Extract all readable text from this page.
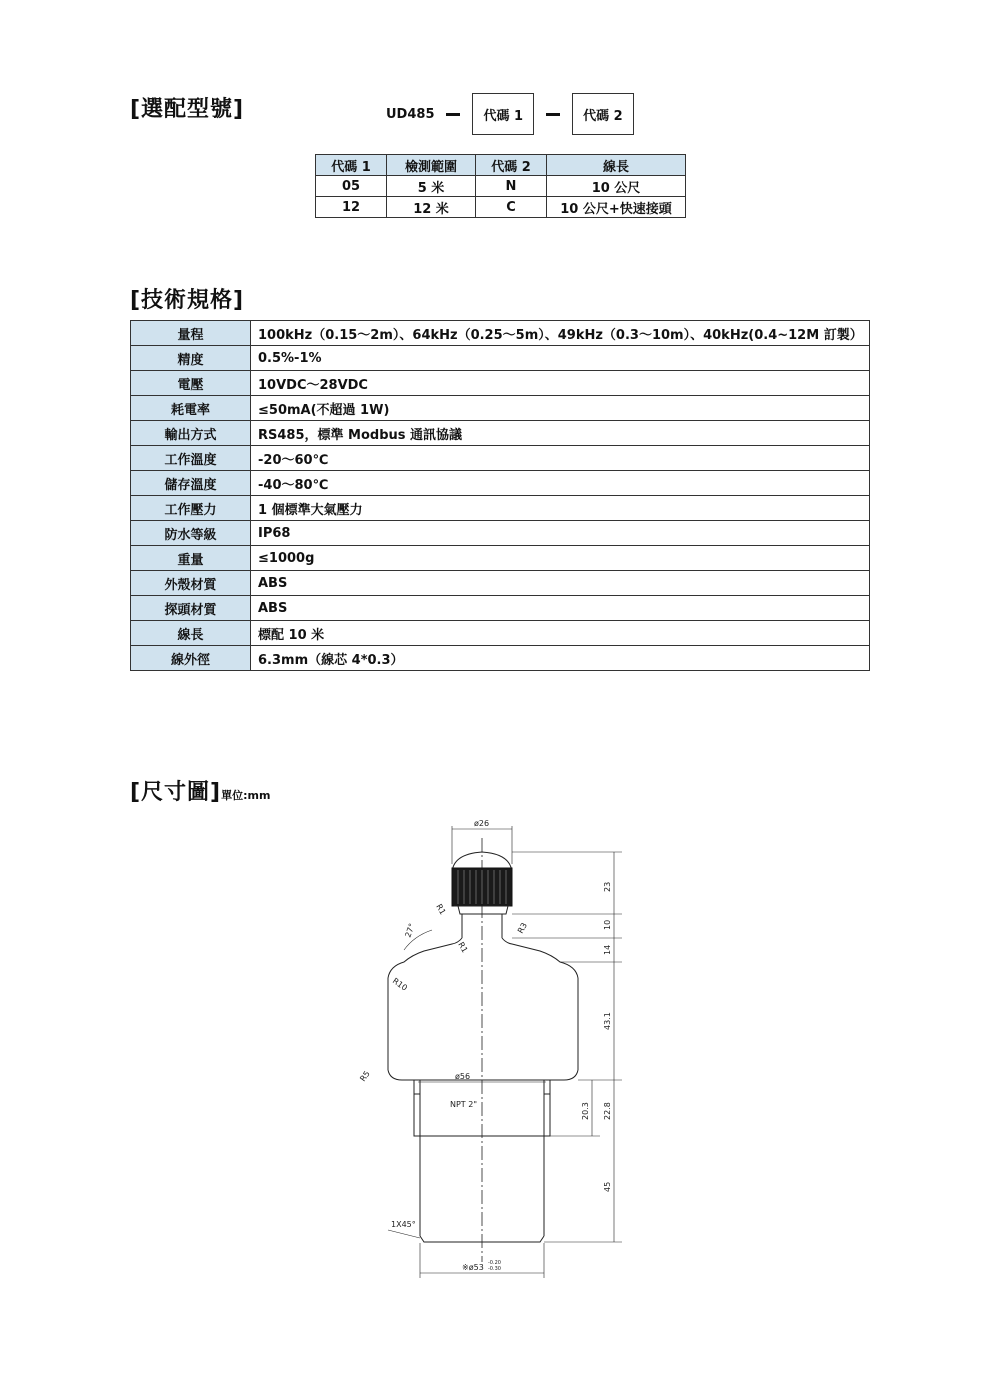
[選配型號]	UD485	代碼 1	代碼 2
代碼 1	檢測範圍	代碼 2	線長
05	5 米	N	10 公尺
12	12 米	C	10 公尺+快速接頭
[技術規格]
量程	100kHz（0.15～2m）、64kHz（0.25～5m）、49kHz（0.3～10m）、40kHz(0.4~12M 訂製）
精度	0.5%-1%
電壓	10VDC～28VDC
耗電率	≤50mA(不超過 1W)
輸出方式	RS485，標準 Modbus 通訊協議
工作溫度	-20～60℃
儲存溫度	-40～80℃
工作壓力	1 個標準大氣壓力
防水等級	IP68
重量	≤1000g
外殼材質	ABS
探頭材質	ABS
線長	標配 10 米
線外徑	6.3mm（線芯 4*0.3）
[尺寸圖]單位:mm
ø26
ø56
※ø53 -0.20
-0.30
NPT 2"
1X45°
R1
R1
R3
R10
R5
27°
23
10
14
43.1
20.3 22.8
45
